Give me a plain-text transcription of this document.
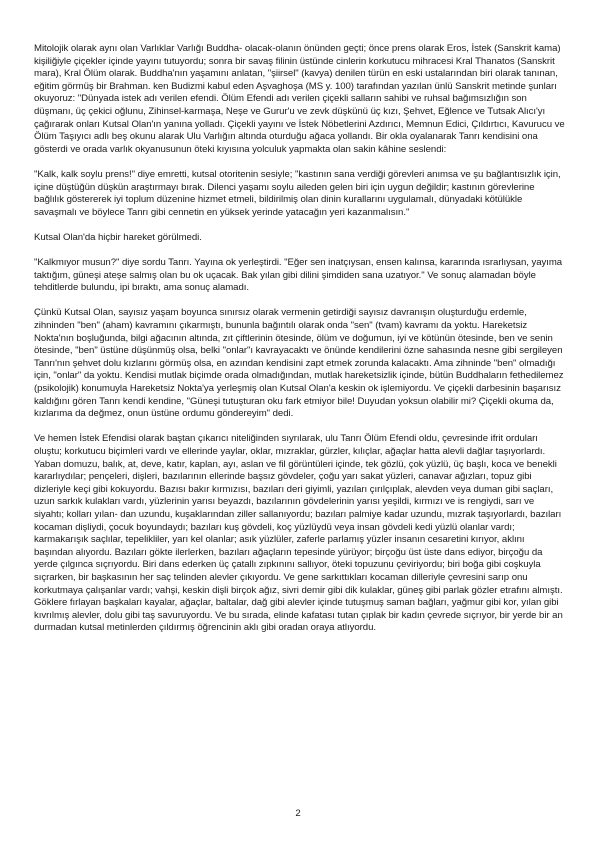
Mitolojik olarak aynı olan Varlıklar Varlığı Buddha- olacak-olanın önünden geçti; önce prens olarak Eros, İstek (Sanskrit kama) kişiliğiyle çiçekler içinde yayını tutuyordu; sonra bir savaş filinin üstünde cinlerin korkutucu mihracesi Kral Thanatos (Sanskrit mara), Kral Ölüm olarak. Buddha'nın yaşamını anlatan, "şiirsel" (kavya) denilen türün en eski ustalarından biri olarak tanınan, eğitim görmüş bir Brahman. ken Budizmi kabul eden Aşvaghoşa (MS y. 100) tarafından yazılan ünlü Sanskrit metinde şunları okuyoruz: "Dünyada istek adı verilen efendi. Ölüm Efendi adı verilen çiçekli salların sahibi ve ruhsal bağımsızlığın son düşmanı, üç çekici oğlunu, Zihinsel-karmaşa, Neşe ve Gurur'u ve zevk düşkünü üç kızı, Şehvet, Eğlence ve Tutsak Alıcı'yı çağırarak onları Kutsal Olan'ın yanına yolladı. Çiçekli yayını ve İstek Nöbetlerini Azdırıcı, Memnun Edici, Çıldırtıcı, Kavurucu ve Ölüm Taşıyıcı adlı beş okunu alarak Ulu Varlığın altında oturduğu ağaca yollandı. Bir okla oyalanarak Tanrı kendisini ona gösterdi ve orada varlık okyanusunun öteki kıyısına yolculuk yapmakta olan sakin kâhine seslendi:

"Kalk, kalk soylu prens!" diye emretti, kutsal otoritenin sesiyle; "kastının sana verdiği görevleri anımsa ve şu bağlantısızlık için, içine düştüğün düşkün araştırmayı bırak. Dilenci yaşamı soylu aileden gelen biri için uygun değildir; kastının görevlerine bağlılık göstererek iyi toplum düzenine hizmet etmeli, bildirilmiş olan dinin kurallarını uygulamalı, dünyadaki kötülükle savaşmalı ve böylece Tanrı gibi cennetin en yüksek yerinde yatacağın yeri kazanmalısın."

Kutsal Olan'da hiçbir hareket görülmedi.

"Kalkmıyor musun?" diye sordu Tanrı. Yayına ok yerleştirdi. "Eğer sen inatçıysan, ensen kalınsa, kararında ısrarlıysan, yayıma taktığım, güneşi ateşe salmış olan bu ok uçacak. Bak yılan gibi dilini şimdiden sana uzatıyor." Ve sonuç alamadan böyle tehditlerde bulundu, ipi bıraktı, ama sonuç alamadı.

Çünkü Kutsal Olan, sayısız yaşam boyunca sınırsız olarak vermenin getirdiği sayısız davranışın oluşturduğu erdemle, zihninden "ben" (aham) kavramını çıkarmıştı, bununla bağıntılı olarak onda "sen" (tvam) kavramı da yoktu. Hareketsiz Nokta'nın boşluğunda, bilgi ağacının altında, zıt çiftlerinin ötesinde, ölüm ve doğumun, iyi ve kötünün ötesinde, ben ve senin ötesinde, "ben" üstüne düşünmüş olsa, belki "onlar"ı kavrayacaktı ve önünde kendilerini özne sahasında nesne gibi sergileyen Tanrı'nın şehvet dolu kızlarını görmüş olsa, en azından kendisini zapt etmek zorunda kalacaktı. Ama zihninde "ben" olmadığı için, "onlar" da yoktu. Kendisi mutlak biçimde orada olmadığından, mutlak hareketsizlik içinde, bütün Buddhaların fethedilemez (psikolojik) konumuyla Hareketsiz Nokta'ya yerleşmiş olan Kutsal Olan'a keskin ok işlemiyordu. Ve çiçekli darbesinin başarısız kaldığını gören Tanrı kendi kendine, "Güneşi tutuşturan oku fark etmiyor bile! Duyudan yoksun olabilir mi? Çiçekli okuma da, kızlarıma da değmez, onun üstüne ordumu göndereyim" dedi.

Ve hemen İstek Efendisi olarak baştan çıkarıcı niteliğinden sıyrılarak, ulu Tanrı Ölüm Efendi oldu, çevresinde ifrit orduları oluştu; korkutucu biçimleri vardı ve ellerinde yaylar, oklar, mızraklar, gürzler, kılıçlar, ağaçlar hatta alevli dağlar taşıyorlardı. Yaban domuzu, balık, at, deve, katır, kaplan, ayı, aslan ve fil görüntüleri içinde, tek gözlü, çok yüzlü, üç başlı, koca ve benekli kararlıydılar; pençeleri, dişleri, bazılarının ellerinde başsız gövdeler, çoğu yarı sakat yüzleri, canavar ağızları, topuz gibi dizleriyle keçi gibi kokuyordu. Bazısı bakır kırmızısı, bazıları deri giyimli, yazıları çırılçıplak, alevden veya duman gibi saçları, uzun sarkık kulakları vardı, yüzlerinin yarısı beyazdı, bazılarının gövdelerinin yarısı yeşildi, kırmızı ve is rengiydi, sarı ve siyahtı; kolları yılan- dan uzundu, kuşaklarından ziller sallanıyordu; bazıları palmiye kadar uzundu, mızrak taşıyorlardı, bazıları kocaman dişliydi, çocuk boyundaydı; bazıları kuş gövdeli, koç yüzlüydü veya insan gövdeli kedi yüzlü olanlar vardı; karmakarışık saçlılar, tepelikliler, yarı kel olanlar; asık yüzlüler, zaferle parlamış yüzler insanın cesaretini kırıyor, aklını başından alıyordu. Bazıları gökte ilerlerken, bazıları ağaçların tepesinde yürüyor; birçoğu üst üste dans ediyor, birçoğu da yerde çılgınca sıçrıyordu. Biri dans ederken üç çatallı zıpkınını sallıyor, öteki topuzunu çeviriyordu; biri boğa gibi coşkuyla sıçrarken, bir başkasının her saç telinden alevler çıkıyordu. Ve gene sarkıttıkları kocaman dilleriyle çevresini sarıp onu korkutmaya çalışanlar vardı; vahşi, keskin dişli birçok ağız, sivri demir gibi dik kulaklar, güneş gibi parlak gözler etrafını almıştı. Göklere fırlayan başkaları kayalar, ağaçlar, baltalar, dağ gibi alevler içinde tutuşmuş saman bağları, yağmur gibi kor, yılan gibi kıvrılmış alevler, dolu gibi taş savuruyordu. Ve bu sırada, elinde kafatası tutan çıplak bir kadın çevrede sıçrıyor, bir yerde bir an durmadan kutsal metinlerden çıldırmış öğrencinin aklı gibi oradan oraya atlıyordu.

2
